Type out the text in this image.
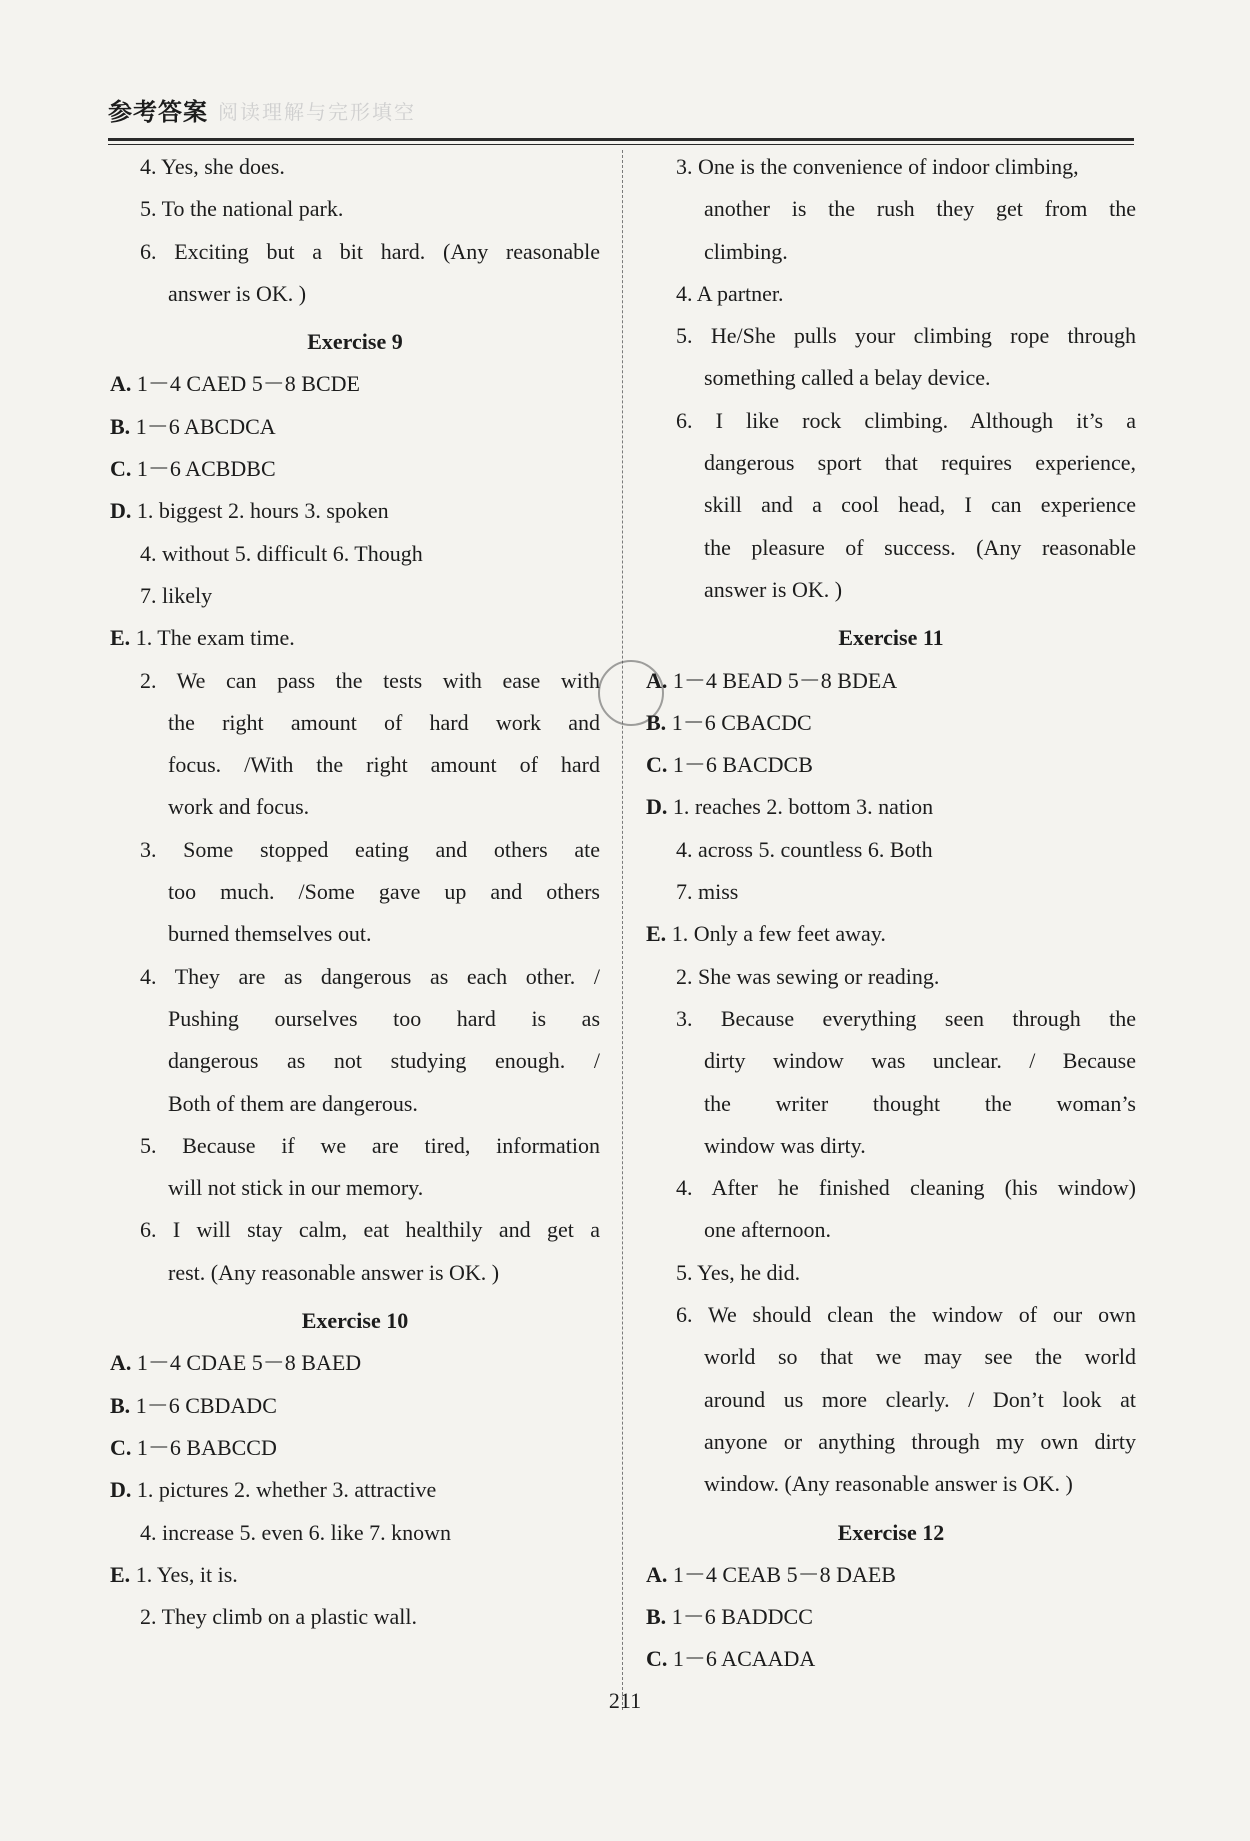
参考答案 阅读理解与完形填空
4. Yes, she does.
5. To the national park.
6. Exciting but a bit hard. (Any reasonable
answer is OK. )
Exercise 9
A. 1－4 CAED 5－8 BCDE
B. 1－6 ABCDCA
C. 1－6 ACBDBC
D. 1. biggest 2. hours 3. spoken
4. without 5. difficult 6. Though
7. likely
E. 1. The exam time.
2. We can pass the tests with ease with
the right amount of hard work and
focus. /With the right amount of hard
work and focus.
3. Some stopped eating and others ate
too much. /Some gave up and others
burned themselves out.
4. They are as dangerous as each other. /
Pushing ourselves too hard is as
dangerous as not studying enough. /
Both of them are dangerous.
5. Because if we are tired, information
will not stick in our memory.
6. I will stay calm, eat healthily and get a
rest. (Any reasonable answer is OK. )
Exercise 10
A. 1－4 CDAE 5－8 BAED
B. 1－6 CBDADC
C. 1－6 BABCCD
D. 1. pictures 2. whether 3. attractive
4. increase 5. even 6. like 7. known
E. 1. Yes, it is.
2. They climb on a plastic wall.
3. One is the convenience of indoor climbing,
another is the rush they get from the
climbing.
4. A partner.
5. He/She pulls your climbing rope through
something called a belay device.
6. I like rock climbing. Although it’s a
dangerous sport that requires experience,
skill and a cool head, I can experience
the pleasure of success. (Any reasonable
answer is OK. )
Exercise 11
A. 1－4 BEAD 5－8 BDEA
B. 1－6 CBACDC
C. 1－6 BACDCB
D. 1. reaches 2. bottom 3. nation
4. across 5. countless 6. Both
7. miss
E. 1. Only a few feet away.
2. She was sewing or reading.
3. Because everything seen through the
dirty window was unclear. / Because
the writer thought the woman’s
window was dirty.
4. After he finished cleaning (his window)
one afternoon.
5. Yes, he did.
6. We should clean the window of our own
world so that we may see the world
around us more clearly. / Don’t look at
anyone or anything through my own dirty
window. (Any reasonable answer is OK. )
Exercise 12
A. 1－4 CEAB 5－8 DAEB
B. 1－6 BADDCC
C. 1－6 ACAADA
211
